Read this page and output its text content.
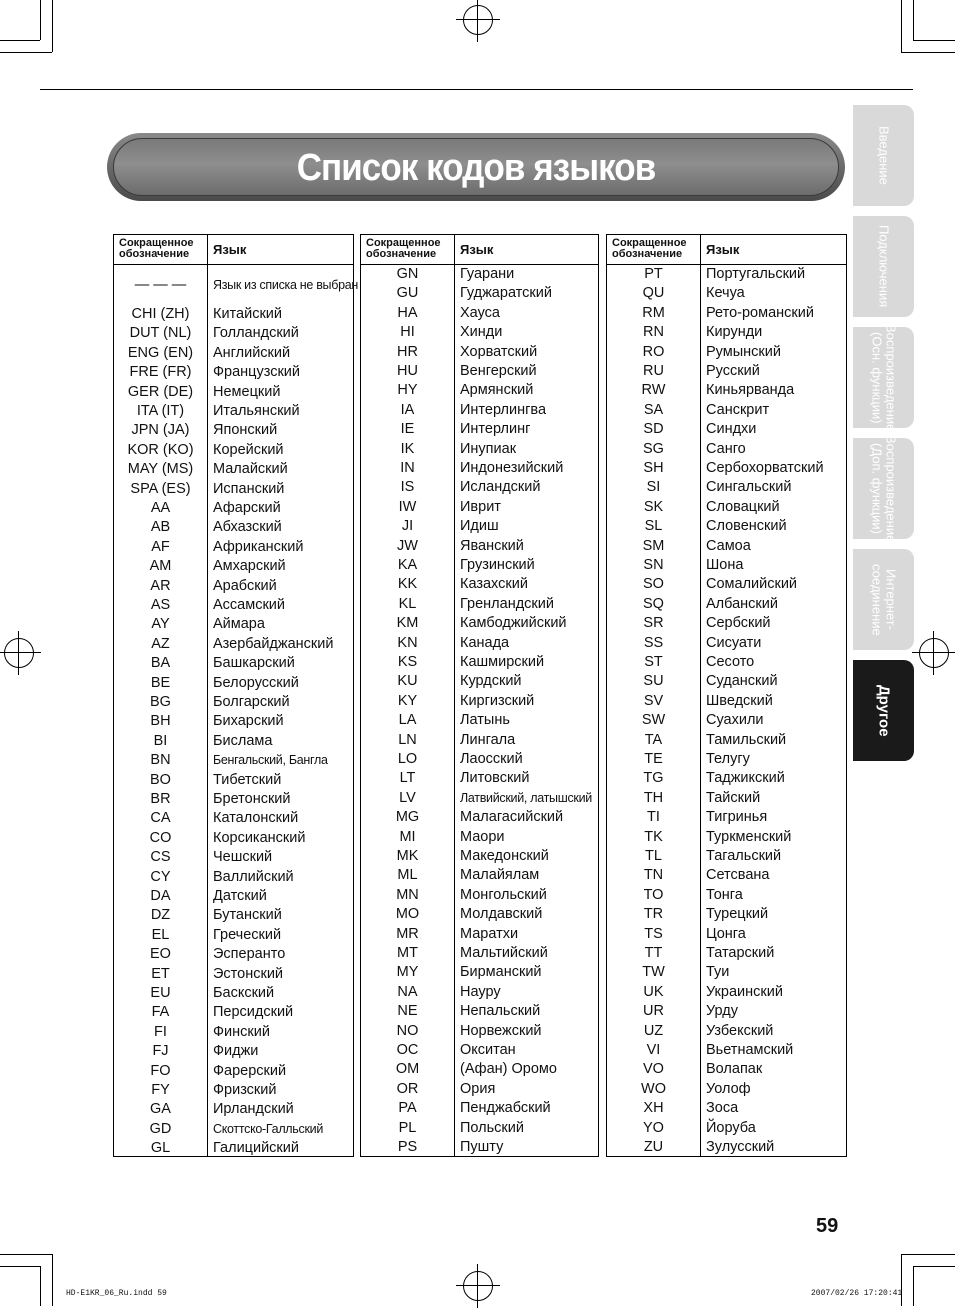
Список кодов языков	Введение
Подключения
Воспроизведение
(Осн. функции)
Воспроизведение
(Доп. функции)
Интернет-
соединение
Другое
Сокращенное
обозначение	Язык
— — —	Язык из списка не выбран
CHI (ZH)	Китайский
DUT (NL)	Голландский
ENG (EN)	Английский
FRE (FR)	Французский
GER (DE)	Немецкий
ITA (IT)	Итальянский
JPN (JA)	Японский
KOR (KO)	Корейский
MAY (MS)	Малайский
SPA (ES)	Испанский
AA	Афарский
AB	Абхазский
AF	Африканский
AM	Амхарский
AR	Арабский
AS	Ассамский
AY	Аймара
AZ	Азербайджанский
BA	Башкарский
BE	Белорусский
BG	Болгарский
BH	Бихарский
BI	Бислама
BN	Бенгальский, Бангла
BO	Тибетский
BR	Бретонский
CA	Каталонский
CO	Корсиканский
CS	Чешский
CY	Валлийский
DA	Датский
DZ	Бутанский
EL	Греческий
EO	Эсперанто
ET	Эстонский
EU	Баскский
FA	Персидский
FI	Финский
FJ	Фиджи
FO	Фарерский
FY	Фризский
GA	Ирландский
GD	Скоттско-Галльский
GL	Галицийский
Сокращенное
обозначение	Язык
GN	Гуарани
GU	Гуджаратский
HA	Хауса
HI	Хинди
HR	Хорватский
HU	Венгерский
HY	Армянский
IA	Интерлингва
IE	Интерлинг
IK	Инупиак
IN	Индонезийский
IS	Исландский
IW	Иврит
JI	Идиш
JW	Яванский
KA	Грузинский
KK	Казахский
KL	Гренландский
KM	Камбоджийский
KN	Канада
KS	Кашмирский
KU	Курдский
KY	Киргизский
LA	Латынь
LN	Лингала
LO	Лаосский
LT	Литовский
LV	Латвийский, латышский
MG	Малагасийский
MI	Маори
MK	Македонский
ML	Малайялам
MN	Монгольский
MO	Молдавский
MR	Маратхи
MT	Мальтийский
MY	Бирманский
NA	Науру
NE	Непальский
NO	Норвежский
OC	Окситан
OM	(Афан) Оромо
OR	Ория
PA	Пенджабский
PL	Польский
PS	Пушту
Сокращенное
обозначение	Язык
PT	Португальский
QU	Кечуа
RM	Рето-романский
RN	Кирунди
RO	Румынский
RU	Русский
RW	Киньярванда
SA	Санскрит
SD	Синдхи
SG	Санго
SH	Сербохорватский
SI	Сингальский
SK	Словацкий
SL	Словенский
SM	Самоа
SN	Шона
SO	Сомалийский
SQ	Албанский
SR	Сербский
SS	Сисуати
ST	Сесото
SU	Суданский
SV	Шведский
SW	Суахили
TA	Тамильский
TE	Телугу
TG	Таджикский
TH	Тайский
TI	Тигринья
TK	Туркменский
TL	Тагальский
TN	Сетсвана
TO	Тонга
TR	Турецкий
TS	Цонга
TT	Татарский
TW	Туи
UK	Украинский
UR	Урду
UZ	Узбекский
VI	Вьетнамский
VO	Волапак
WO	Уолоф
XH	Зоса
YO	Йоруба
ZU	Зулусский
59
HD-E1KR_06_Ru.indd 59	2007/02/26 17:20:41
